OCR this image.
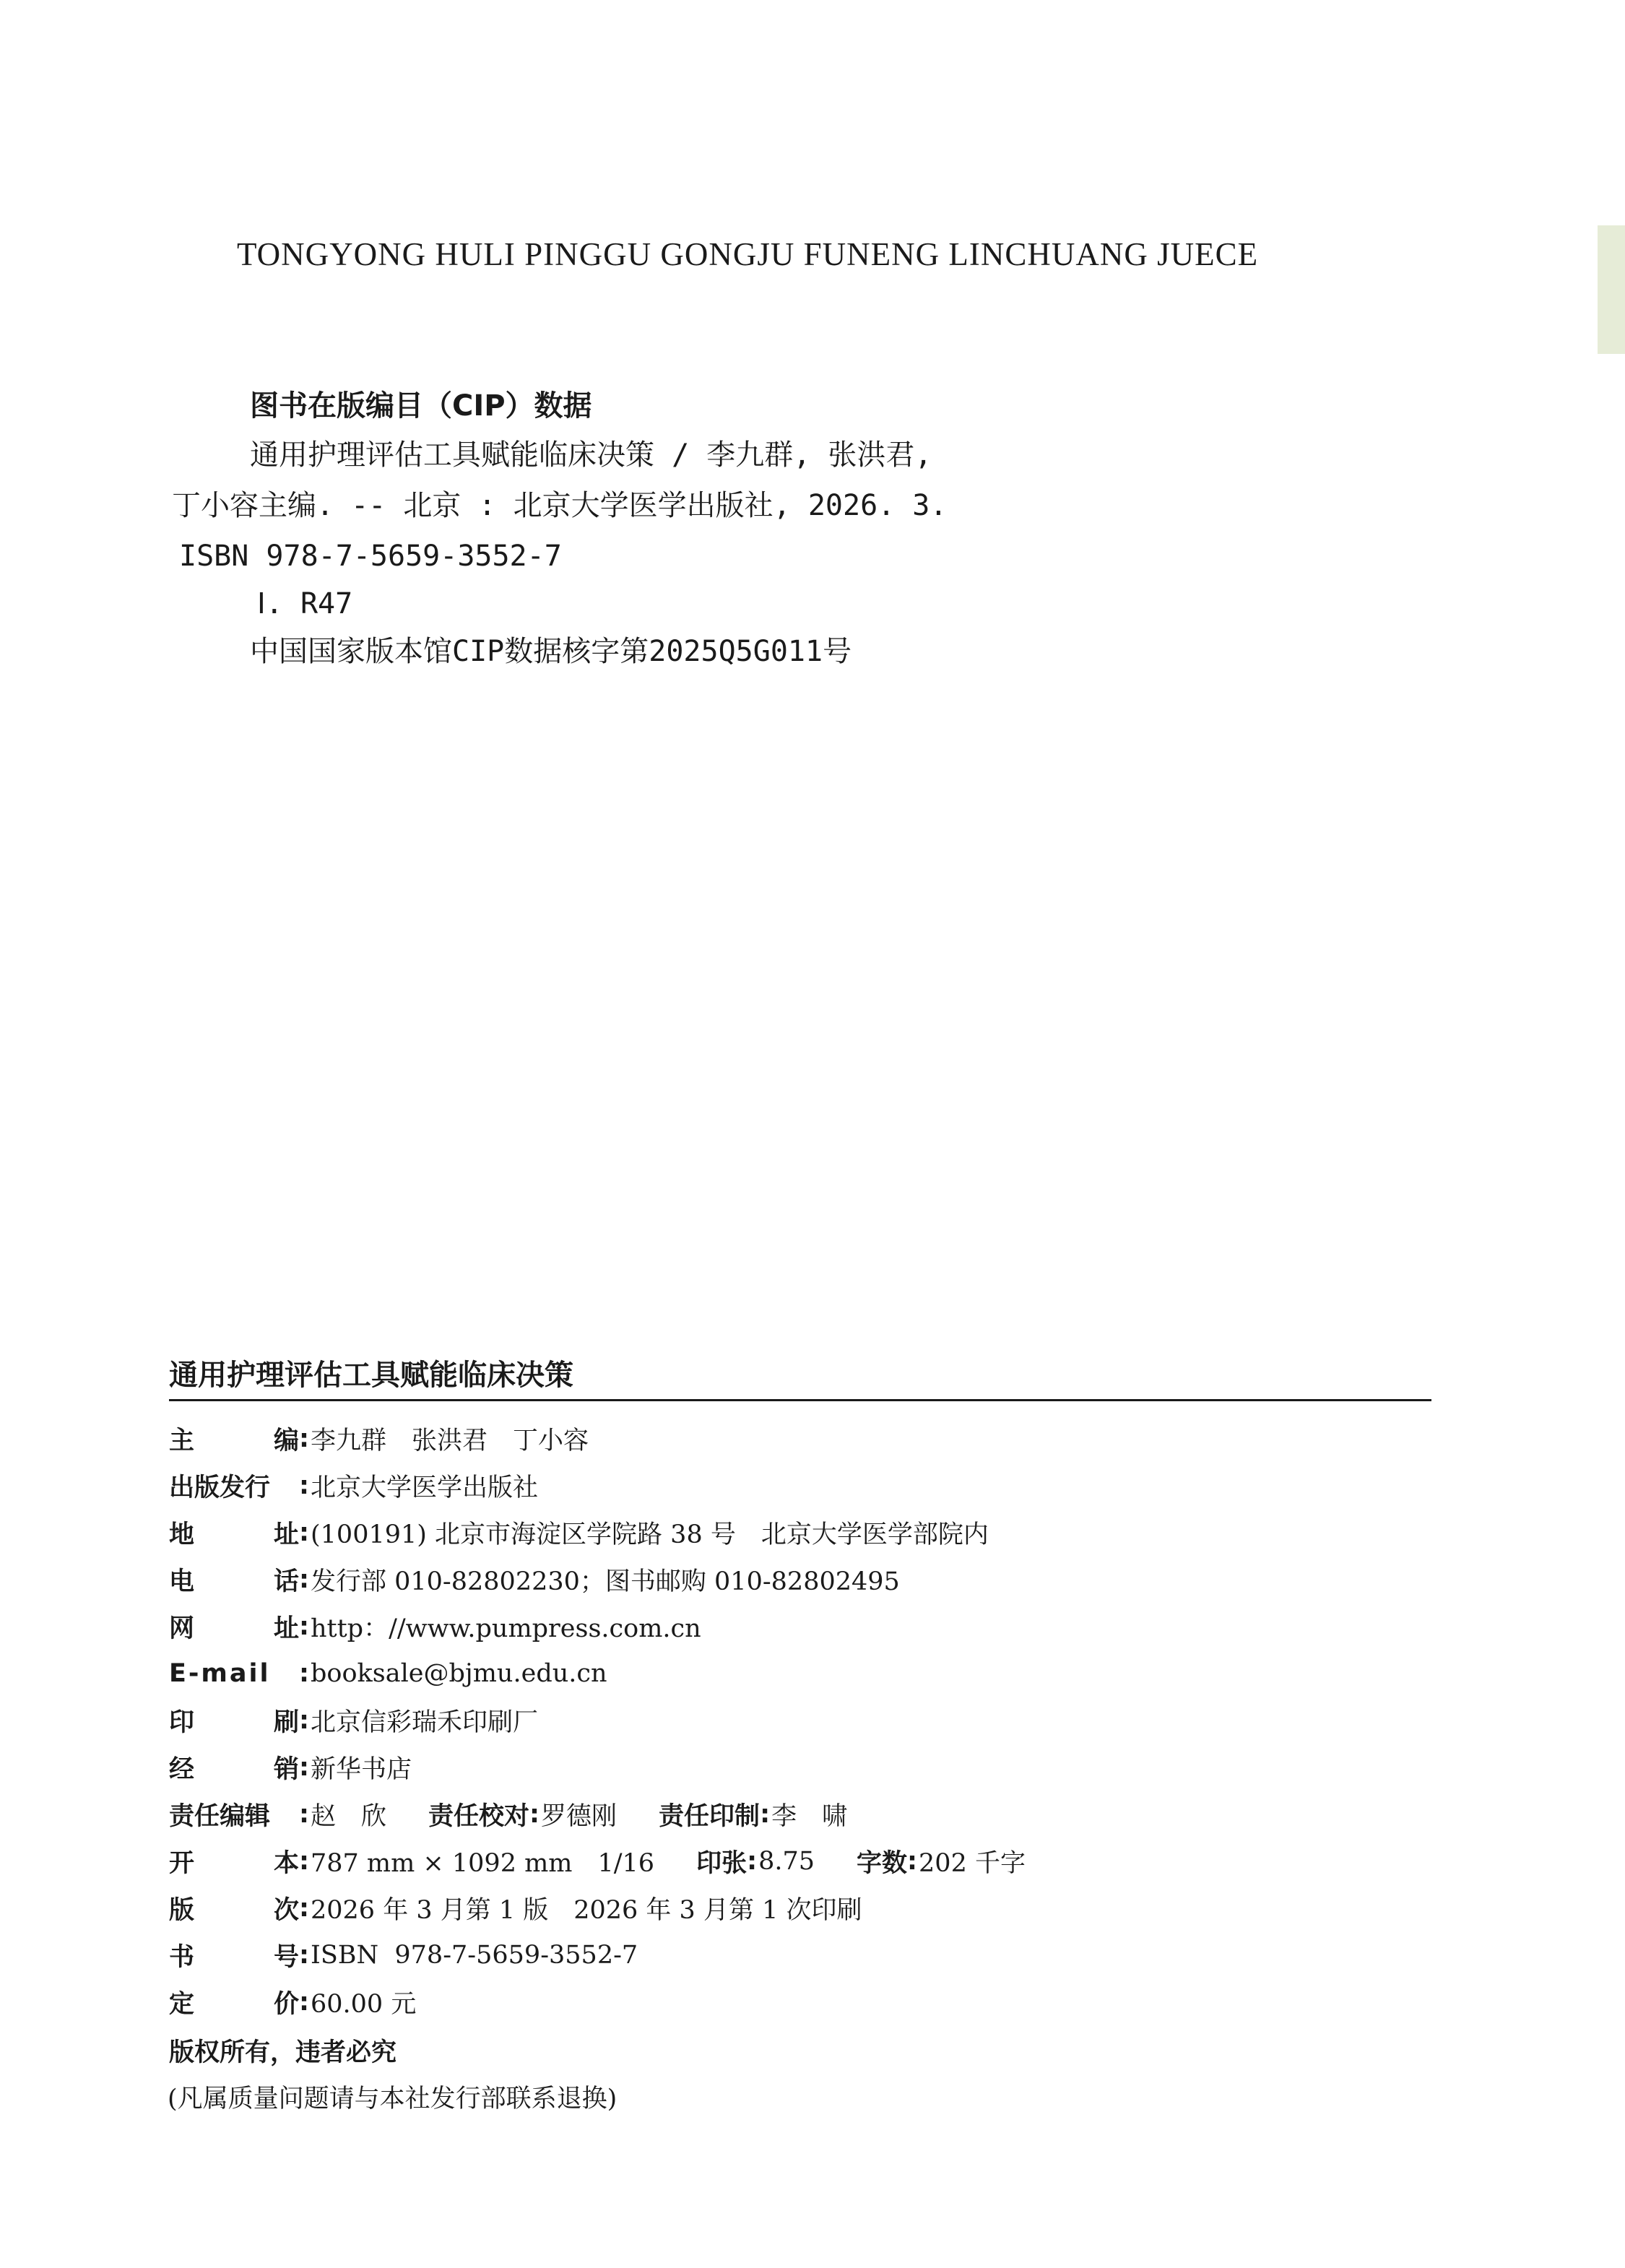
TONGYONG HULI PINGGU GONGJU FUNENG LINCHUANG JUECE
图书在版编目（CIP）数据

通用护理评估工具赋能临床决策 / 李九群, 张洪君,

丁小容主编. -- 北京 : 北京大学医学出版社, 2026. 3.

ISBN 978-7-5659-3552-7

Ⅰ. R47

中国国家版本馆CIP数据核字第2025Q5G011号

通用护理评估工具赋能临床决策
主	编 : 李九群　张洪君　丁小容
出版发行	: 北京大学医学出版社
地	址 : (100191) 北京市海淀区学院路 38 号　北京大学医学部院内
电	话 : 发行部 010-82802230；图书邮购 010-82802495
网	址 : http：//www.pumpress.com.cn
E-mail	: booksale@bjmu.edu.cn
印	刷 : 北京信彩瑞禾印刷厂
经	销 : 新华书店
责任编辑	: 赵　欣 责任校对 : 罗德刚 责任印制 : 李　啸
开	本 : 787 mm × 1092 mm　1/16 印张 : 8.75 字数 : 202 千字
版	次 : 2026 年 3 月第 1 版　2026 年 3 月第 1 次印刷
书	号 : ISBN  978-7-5659-3552-7
定	价 : 60.00 元

版权所有，违者必究

(凡属质量问题请与本社发行部联系退换)
